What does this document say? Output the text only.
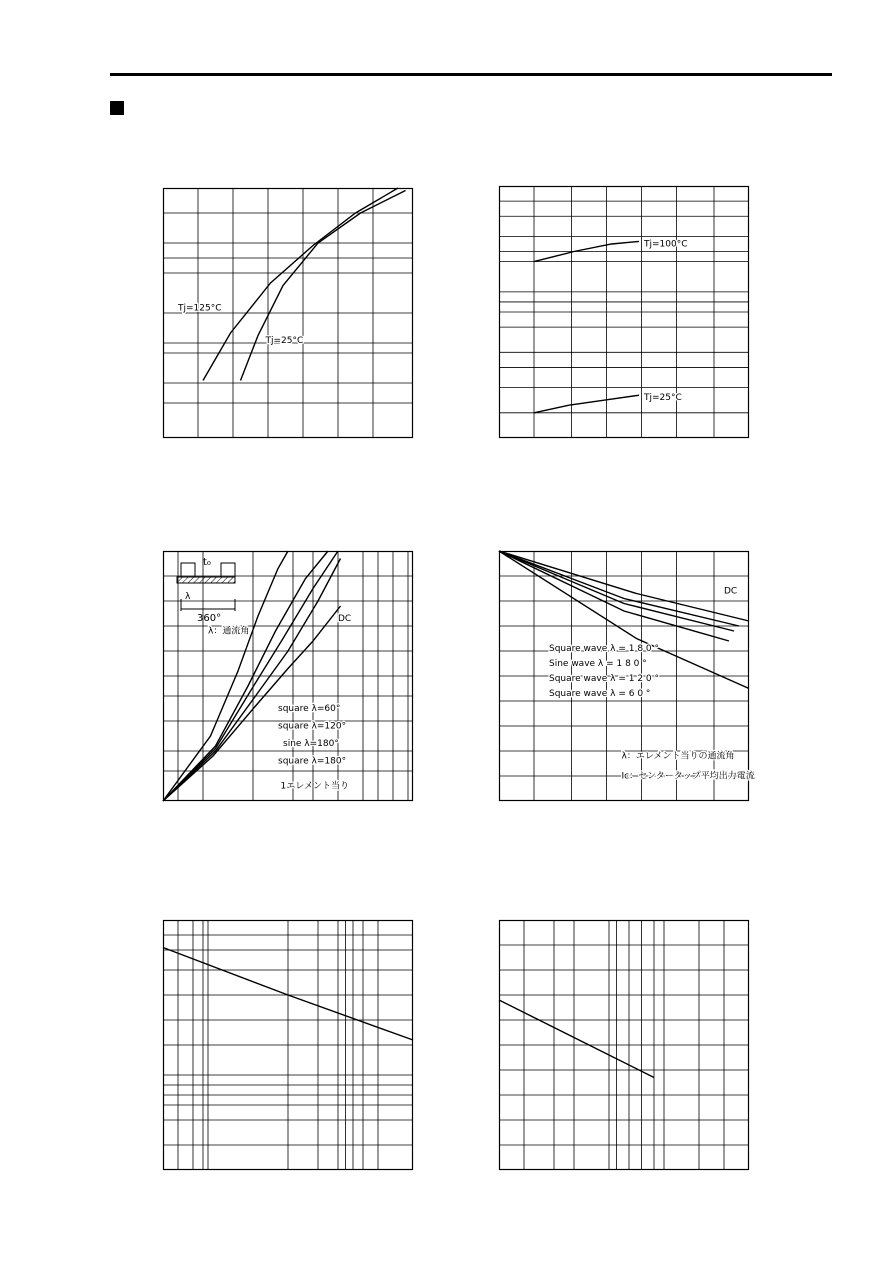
Tj=125°C
Tj=25°C
Tj=100°C
Tj=25°C
t₀
λ
360°
λ：通流角
DC
square λ=60°
square λ=120°
sine λ=180°
square λ=180°
1エレメント当り
DC
Square wave λ = 1 8 0 °
Sine wave λ = 1 8 0 °
Square wave λ = 1 2 0 °
Square wave λ = 6 0 °
λ：エレメント当りの通流角
Ic：センタータップ平均出力電流
